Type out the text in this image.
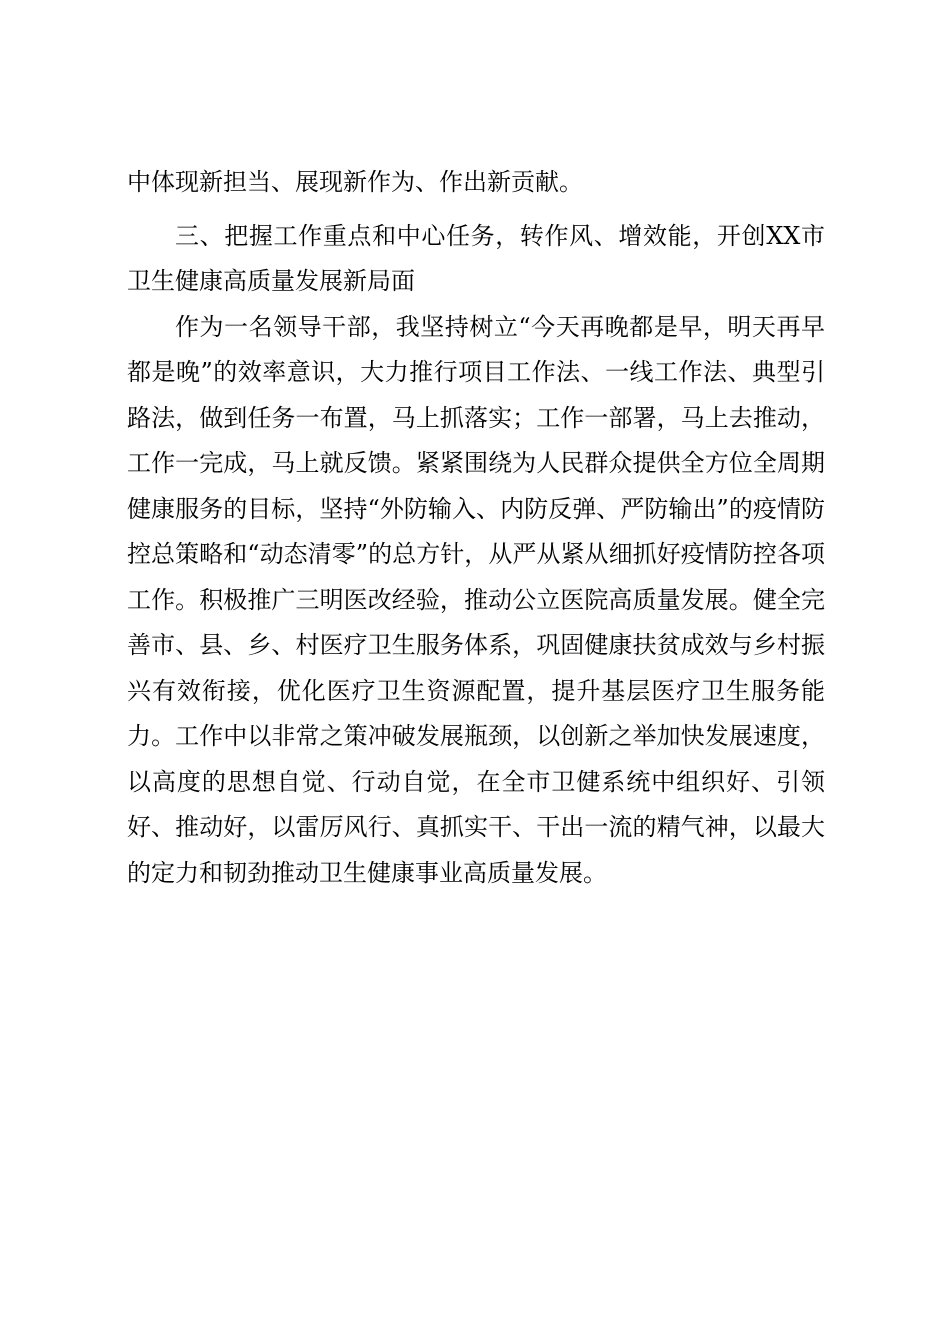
中体现新担当、展现新作为、作出新贡献。

三、把握工作重点和中心任务，转作风、增效能，开创XX市卫生健康高质量发展新局面

作为一名领导干部，我坚持树立“今天再晚都是早，明天再早都是晚”的效率意识，大力推行项目工作法、一线工作法、典型引路法，做到任务一布置，马上抓落实；工作一部署，马上去推动，工作一完成，马上就反馈。紧紧围绕为人民群众提供全方位全周期健康服务的目标，坚持“外防输入、内防反弹、严防输出”的疫情防控总策略和“动态清零”的总方针，从严从紧从细抓好疫情防控各项工作。积极推广三明医改经验，推动公立医院高质量发展。健全完善市、县、乡、村医疗卫生服务体系，巩固健康扶贫成效与乡村振兴有效衔接，优化医疗卫生资源配置，提升基层医疗卫生服务能力。工作中以非常之策冲破发展瓶颈，以创新之举加快发展速度，以高度的思想自觉、行动自觉，在全市卫健系统中组织好、引领好、推动好，以雷厉风行、真抓实干、干出一流的精气神，以最大的定力和韧劲推动卫生健康事业高质量发展。
